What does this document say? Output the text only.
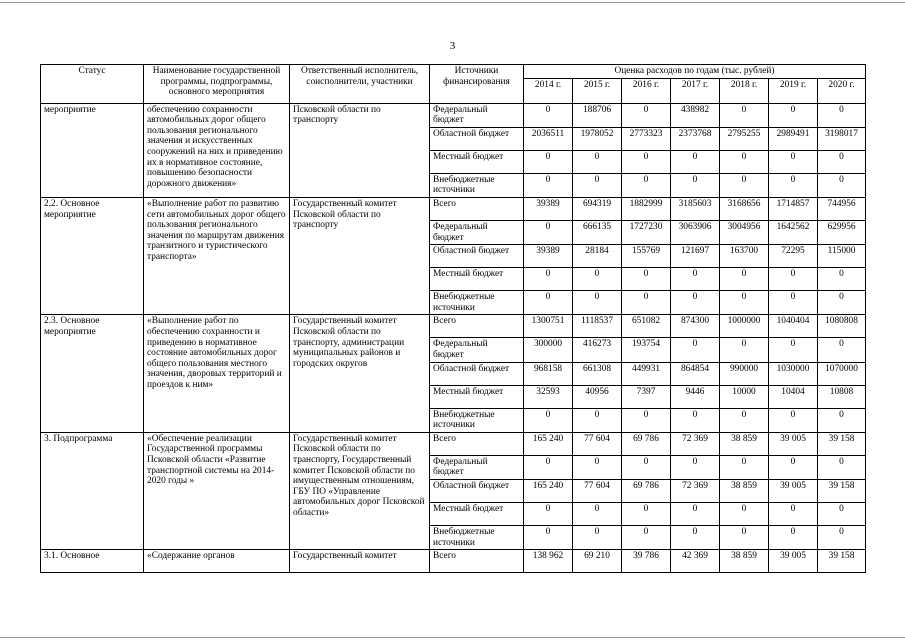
3
Статус	Наименование государственной программы, подпрограммы, основного мероприятия	Ответственный исполнитель, соисполнители, участники	Источники финансирования	Оценка расходов по годам (тыс. рублей)						
				2014 г.	2015 г.	2016 г.	2017 г.	2018 г.	2019 г.	2020 г.
мероприятие	обеспечению сохранности автомобильных дорог общего пользования регионального значения и искусственных сооружений на них и приведению их в нормативное состояние, повышению безопасности дорожного движения»	Псковской области по транспорту	Федеральный бюджет	0	188706	0	438982	0	0	0
			Областной бюджет	2036511	1978052	2773323	2373768	2795255	2989491	3198017
			Местный бюджет	0	0	0	0	0	0	0
			Внебюджетные источники	0	0	0	0	0	0	0
2.2. Основное мероприятие	«Выполнение работ по развитию сети автомобильных дорог общего пользования регионального значения по маршрутам движения транзитного и туристического транспорта»	Государственный комитет Псковской области по транспорту	Всего	39389	694319	1882999	3185603	3168656	1714857	744956
			Федеральный бюджет	0	666135	1727230	3063906	3004956	1642562	629956
			Областной бюджет	39389	28184	155769	121697	163700	72295	115000
			Местный бюджет	0	0	0	0	0	0	0
			Внебюджетные источники	0	0	0	0	0	0	0
2.3. Основное мероприятие	«Выполнение работ по обеспечению сохранности и приведению в нормативное состояние автомобильных дорог общего пользования местного значения, дворовых территорий и проездов к ним»	Государственный комитет Псковской области по транспорту, администрации муниципальных районов и городских округов	Всего	1300751	1118537	651082	874300	1000000	1040404	1080808
			Федеральный бюджет	300000	416273	193754	0	0	0	0
			Областной бюджет	968158	661308	449931	864854	990000	1030000	1070000
			Местный бюджет	32593	40956	7397	9446	10000	10404	10808
			Внебюджетные источники	0	0	0	0	0	0	0
3. Подпрограмма	«Обеспечение реализации Государственной программы Псковской области «Развитие транспортной системы на 2014-2020 годы »	Государственный комитет Псковской области по транспорту, Государственный комитет Псковской области по имущественным отношениям, ГБУ ПО «Управление автомобильных дорог Псковской области»	Всего	165 240	77 604	69 786	72 369	38 859	39 005	39 158
			Федеральный бюджет	0	0	0	0	0	0	0
			Областной бюджет	165 240	77 604	69 786	72 369	38 859	39 005	39 158
			Местный бюджет	0	0	0	0	0	0	0
			Внебюджетные источники	0	0	0	0	0	0	0
3.1. Основное	«Содержание органов	Государственный комитет	Всего	138 962	69 210	39 786	42 369	38 859	39 005	39 158
